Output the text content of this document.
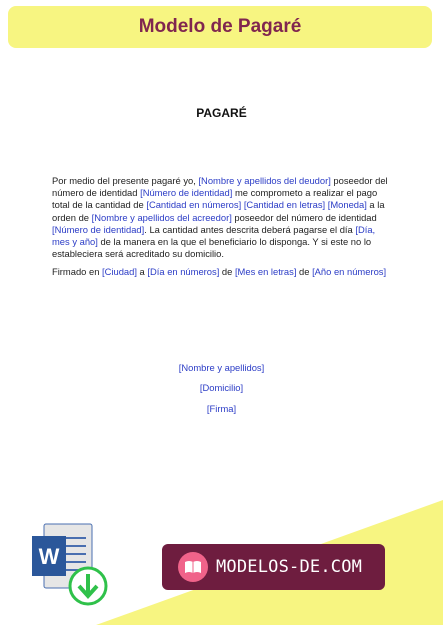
Modelo de Pagaré
PAGARÉ
Por medio del presente pagaré yo, [Nombre y apellidos del deudor] poseedor del número de identidad [Número de identidad] me comprometo a realizar el pago total de la cantidad de [Cantidad en números] [Cantidad en letras] [Moneda] a la orden de [Nombre y apellidos del acreedor] poseedor del número de identidad [Número de identidad]. La cantidad antes descrita deberá pagarse el día [Día, mes y año] de la manera en la que el beneficiario lo disponga. Y si este no lo estableciera será acreditado su domicilio.
Firmado en [Ciudad] a [Día en números] de [Mes en letras] de [Año en números]
[Nombre y apellidos]
[Domicilio]
[Firma]
W	MODELOS-DE.COM
